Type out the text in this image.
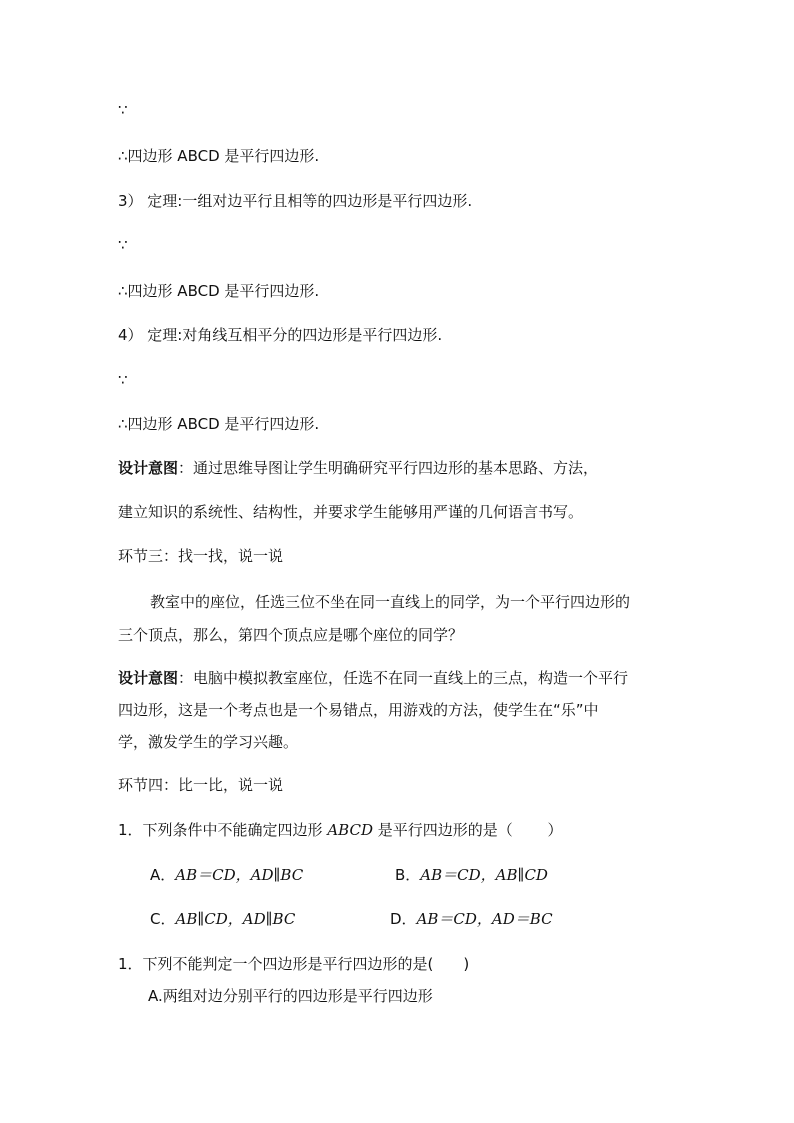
∵
∴四边形 ABCD 是平行四边形.
3） 定理:一组对边平行且相等的四边形是平行四边形.
∵
∴四边形 ABCD 是平行四边形.
4） 定理:对角线互相平分的四边形是平行四边形.
∵
∴四边形 ABCD 是平行四边形.
设计意图：通过思维导图让学生明确研究平行四边形的基本思路、方法，
建立知识的系统性、结构性，并要求学生能够用严谨的几何语言书写。
环节三：找一找，说一说
教室中的座位，任选三位不坐在同一直线上的同学，为一个平行四边形的
三个顶点，那么，第四个顶点应是哪个座位的同学？
设计意图：电脑中模拟教室座位，任选不在同一直线上的三点，构造一个平行
四边形，这是一个考点也是一个易错点，用游戏的方法，使学生在“乐”中
学，激发学生的学习兴趣。
环节四：比一比，说一说
1．下列条件中不能确定四边形 ABCD 是平行四边形的是（　　 ）
A．AB＝CD，AD∥BC	B．AB＝CD，AB∥CD
C．AB∥CD，AD∥BC	D．AB＝CD，AD＝BC
1．下列不能判定一个四边形是平行四边形的是(　　)
A.两组对边分别平行的四边形是平行四边形
